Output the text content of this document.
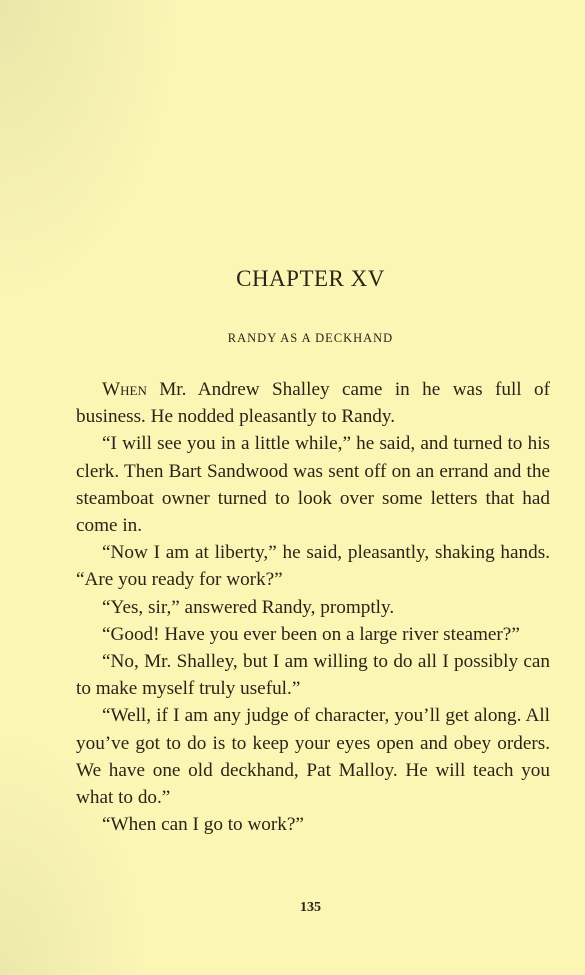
CHAPTER XV
RANDY AS A DECKHAND

When Mr. Andrew Shalley came in he was full of business. He nodded pleasantly to Randy.

“I will see you in a little while,” he said, and turned to his clerk. Then Bart Sandwood was sent off on an errand and the steamboat owner turned to look over some letters that had come in.

“Now I am at liberty,” he said, pleasantly, shaking hands. “Are you ready for work?”

“Yes, sir,” answered Randy, promptly.

“Good! Have you ever been on a large river steamer?”

“No, Mr. Shalley, but I am willing to do all I possibly can to make myself truly useful.”

“Well, if I am any judge of character, you’ll get along. All you’ve got to do is to keep your eyes open and obey orders. We have one old deckhand, Pat Malloy. He will teach you what to do.”

“When can I go to work?”

135
